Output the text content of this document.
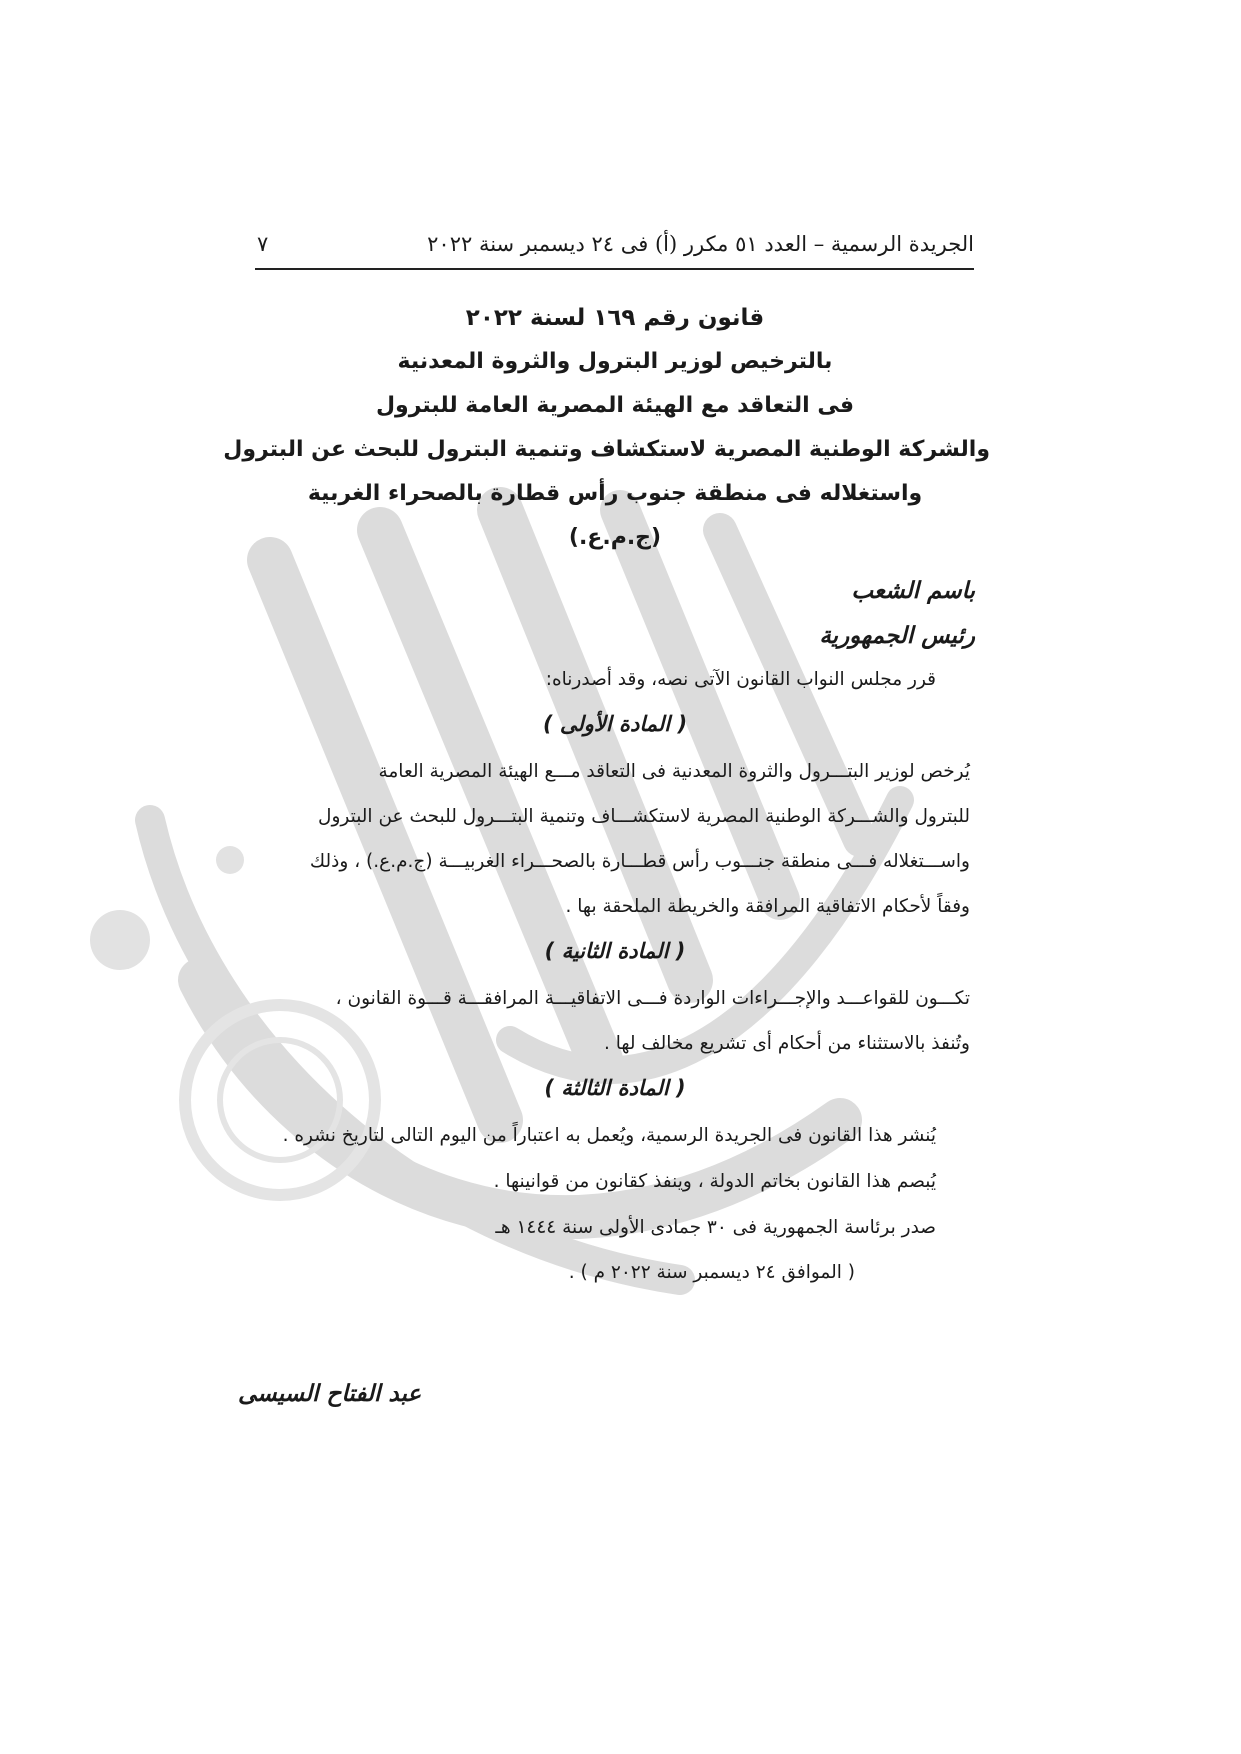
الجريدة الرسمية – العدد ٥١ مكرر (أ) فى ٢٤ ديسمبر سنة ٢٠٢٢
٧
قانون رقم ١٦٩ لسنة ٢٠٢٢
بالترخيص لوزير البترول والثروة المعدنية
فى التعاقد مع الهيئة المصرية العامة للبترول
والشركة الوطنية المصرية لاستكشاف وتنمية البترول للبحث عن البترول
واستغلاله فى منطقة جنوب رأس قطارة بالصحراء الغربية
(ج.م.ع.)
باسم الشعب
رئيس الجمهورية
قرر مجلس النواب القانون الآتى نصه، وقد أصدرناه:
( المادة الأولى )
يُرخص لوزير البتـــرول والثروة المعدنية فى التعاقد مـــع الهيئة المصرية العامة
للبترول والشـــركة الوطنية المصرية لاستكشـــاف وتنمية البتـــرول للبحث عن البترول
واســـتغلاله فـــى منطقة جنـــوب رأس قطـــارة بالصحـــراء الغربيـــة (ج.م.ع.) ، وذلك
وفقاً لأحكام الاتفاقية المرافقة والخريطة الملحقة بها .
( المادة الثانية )
تكـــون للقواعـــد والإجـــراءات الواردة فـــى الاتفاقيـــة المرافقـــة قـــوة القانون ،
وتُنفذ بالاستثناء من أحكام أى تشريع مخالف لها .
( المادة الثالثة )
يُنشر هذا القانون فى الجريدة الرسمية، ويُعمل به اعتباراً من اليوم التالى لتاريخ نشره .
يُبصم هذا القانون بخاتم الدولة ، وينفذ كقانون من قوانينها .
صدر برئاسة الجمهورية فى ٣٠ جمادى الأولى سنة ١٤٤٤ هـ
( الموافق ٢٤ ديسمبر سنة ٢٠٢٢ م ) .
عبد الفتاح السيسى
